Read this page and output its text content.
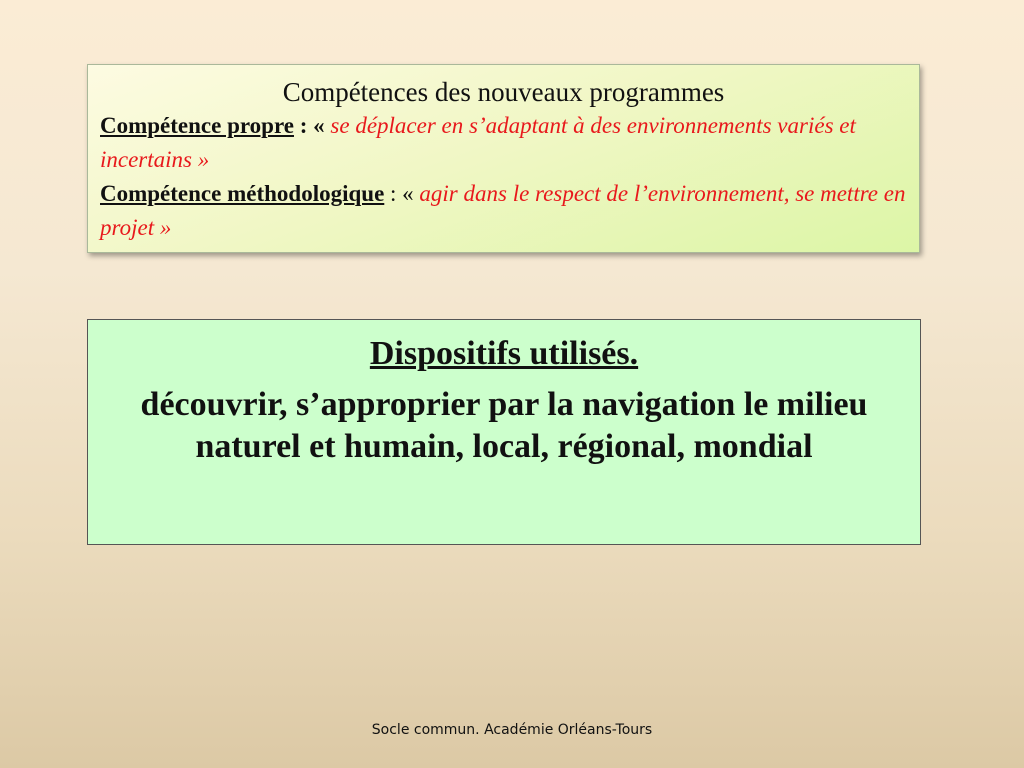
Compétences des nouveaux programmes
Compétence propre : « se déplacer en s’adaptant à des environnements variés et incertains »
Compétence méthodologique : « agir dans le respect de l’environnement, se mettre en projet »
Dispositifs utilisés.
découvrir, s’approprier par la navigation le milieu naturel et humain, local, régional, mondial
Socle commun. Académie Orléans-Tours
